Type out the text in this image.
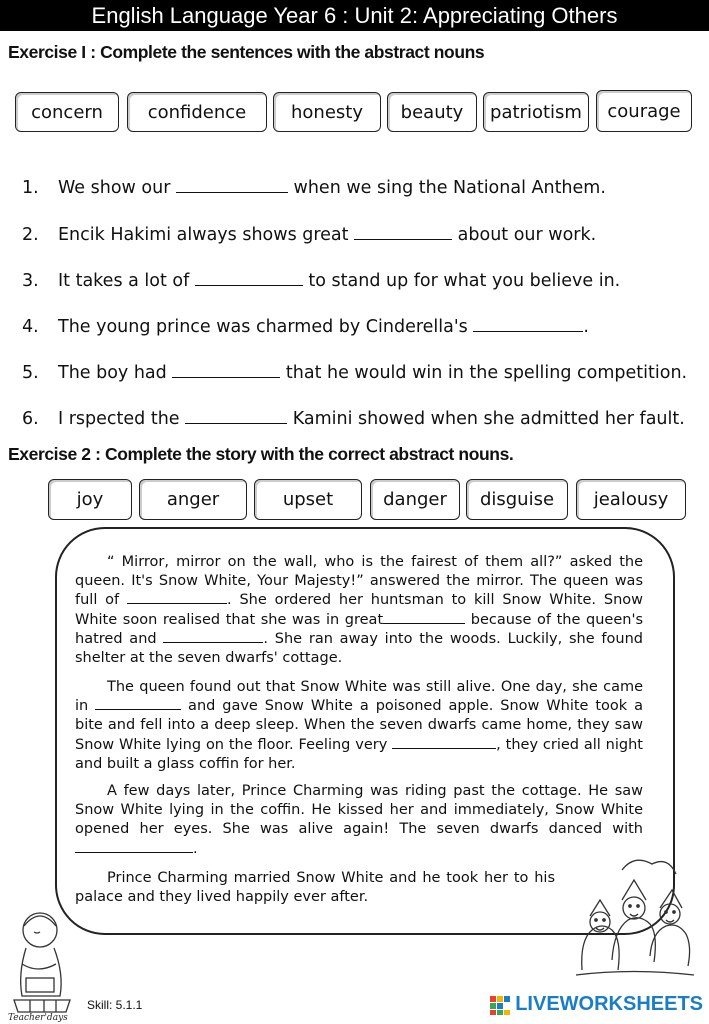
English Language Year 6 : Unit 2: Appreciating Others
Exercise I : Complete the sentences with the abstract nouns
concern confidence honesty beauty patriotism courage
1. We show our	when we sing the National Anthem.
2. Encik Hakimi always shows great	about our work.
3. It takes a lot of	to stand up for what you believe in.
4. The young prince was charmed by Cinderella's	.
5. The boy had	that he would win in the spelling competition.
6. I rspected the	Kamini showed when she admitted her fault.
Exercise 2 : Complete the story with the correct abstract nouns.
joy	anger	upset	danger disguise jealousy

“ Mirror, mirror on the wall, who is the fairest of them all?” asked the queen. It's Snow White, Your Majesty!” answered the mirror. The queen was full of	. She ordered her huntsman to kill Snow White. Snow White soon realised that she was in great	because of the queen's hatred and	. She ran away into the woods. Luckily, she found shelter at the seven dwarfs' cottage.

The queen found out that Snow White was still alive. One day, she came in	and gave Snow White a poisoned apple. Snow White took a bite and fell into a deep sleep. When the seven dwarfs came home, they saw Snow White lying on the floor. Feeling very	, they cried all night and built a glass coffin for her.

A few days later, Prince Charming was riding past the cottage. He saw Snow White lying in the coffin. He kissed her and immediately, Snow White opened her eyes. She was alive again! The seven dwarfs danced with .

Prince Charming married Snow White and he took her to his palace and they lived happily ever after.

Teacher'days
Skill: 5.1.1	LIVEWORKSHEETS
